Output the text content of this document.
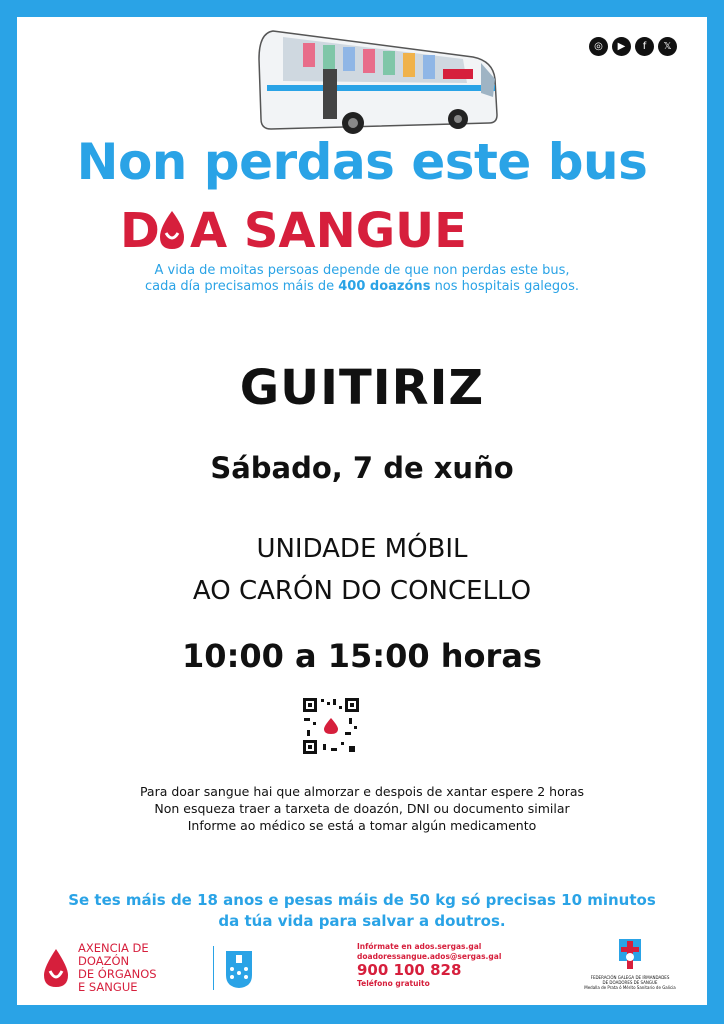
◎	▶	f	𝕏
Non perdas este bus
D A SANGUE
A vida de moitas persoas depende de que non perdas este bus,
cada día precisamos máis de 400 doazóns nos hospitais galegos.
GUITIRIZ
Sábado, 7 de xuño
UNIDADE MÓBIL
AO CARÓN DO CONCELLO
10:00 a 15:00 horas
Para doar sangue hai que almorzar e despois de xantar espere 2 horas
Non esqueza traer a tarxeta de doazón, DNI ou documento similar
Informe ao médico se está a tomar algún medicamento
Se tes máis de 18 anos e pesas máis de 50 kg só precisas 10 minutos
da túa vida para salvar a doutros.
AXENCIA DE DOAZÓN
DE ÓRGANOS
E SANGUE
Infórmate en ados.sergas.gal
doadoressangue.ados@sergas.gal
900 100 828
Teléfono gratuito
FEDERACIÓN GALEGA DE IRMANDADES
DE DOADORES DE SANGUE
Medalla de Prata ó Mérito Sanitario de Galicia
